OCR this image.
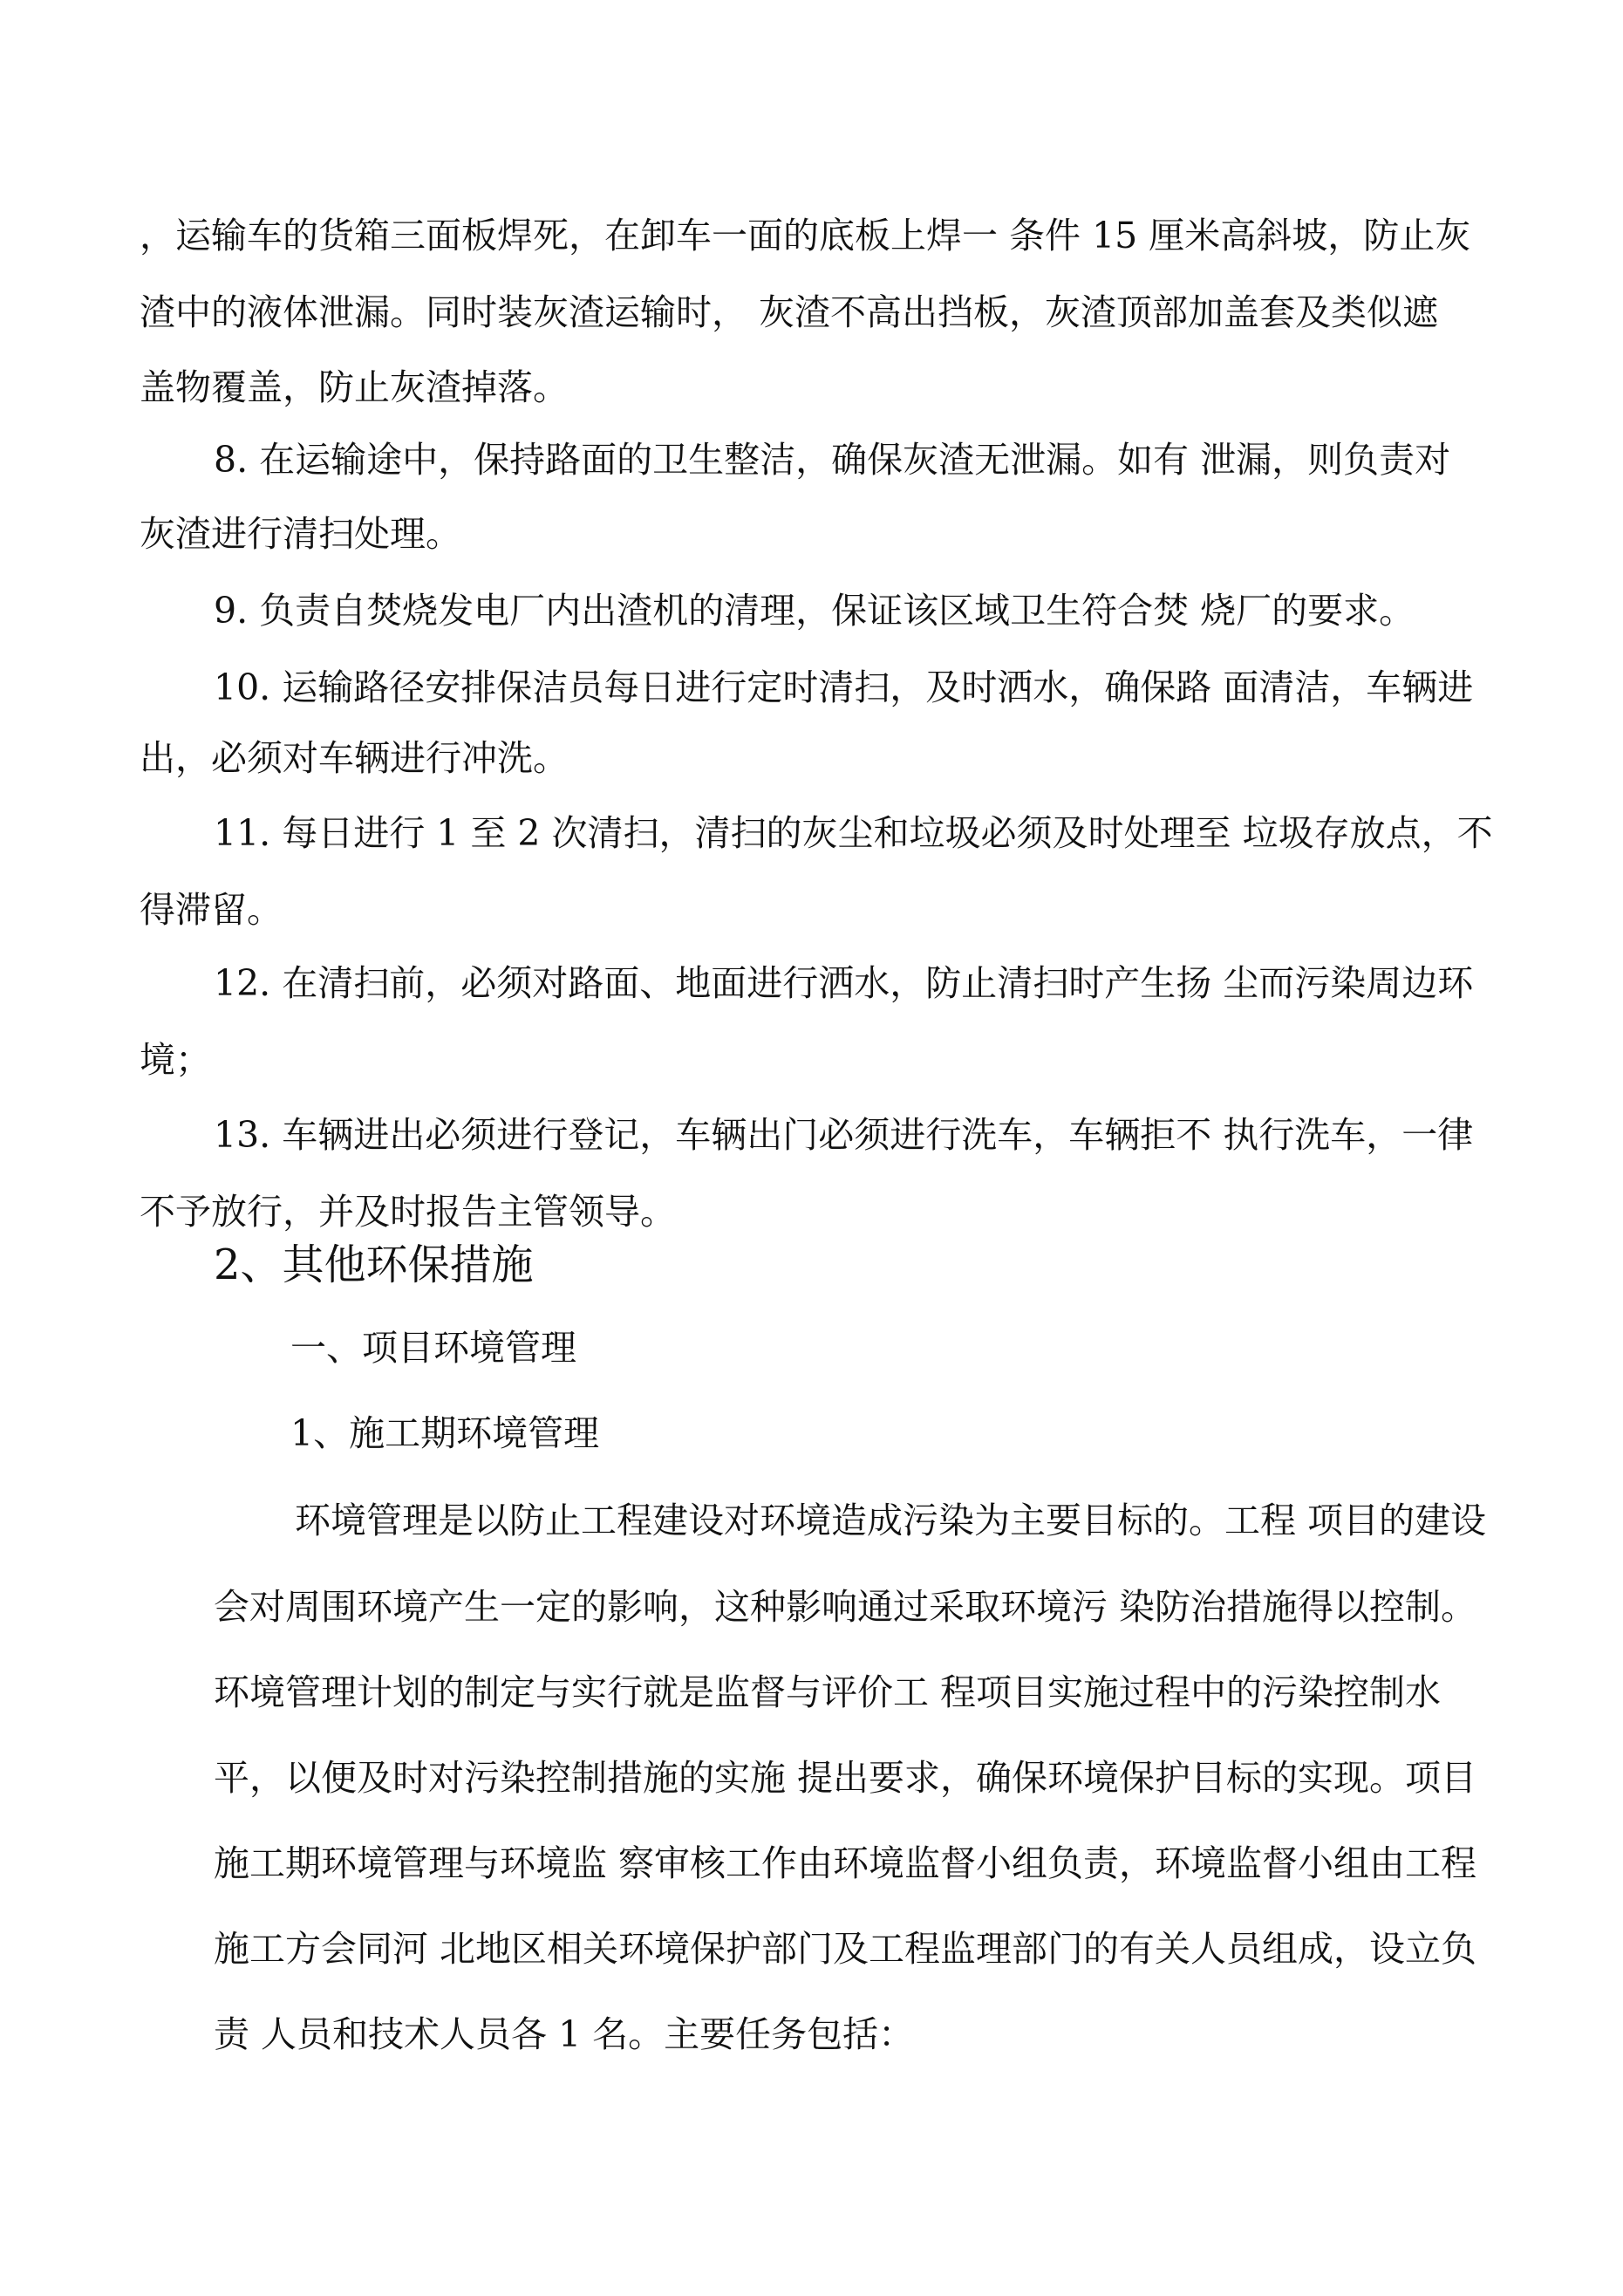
，运输车的货箱三面板焊死，在卸车一面的底板上焊一 条件 15 厘米高斜坡，防止灰
渣中的液体泄漏。同时装灰渣运输时， 灰渣不高出挡板，灰渣顶部加盖套及类似遮
盖物覆盖，防止灰渣掉落。
8. 在运输途中，保持路面的卫生整洁，确保灰渣无泄漏。如有 泄漏，则负责对
灰渣进行清扫处理。
9. 负责自焚烧发电厂内出渣机的清理，保证该区域卫生符合焚 烧厂的要求。
10. 运输路径安排保洁员每日进行定时清扫，及时洒水，确保路 面清洁，车辆进
出，必须对车辆进行冲洗。
11. 每日进行 1 至 2 次清扫，清扫的灰尘和垃圾必须及时处理至 垃圾存放点，不
得滞留。
12. 在清扫前，必须对路面、地面进行洒水，防止清扫时产生扬 尘而污染周边环
境；
13. 车辆进出必须进行登记，车辆出门必须进行洗车，车辆拒不 执行洗车，一律
不予放行，并及时报告主管领导。
2、其他环保措施
一、项目环境管理
1、施工期环境管理
环境管理是以防止工程建设对环境造成污染为主要目标的。工程 项目的建设
会对周围环境产生一定的影响，这种影响通过采取环境污 染防治措施得以控制。
环境管理计划的制定与实行就是监督与评价工 程项目实施过程中的污染控制水
平，以便及时对污染控制措施的实施 提出要求，确保环境保护目标的实现。项目
施工期环境管理与环境监 察审核工作由环境监督小组负责，环境监督小组由工程
施工方会同河 北地区相关环境保护部门及工程监理部门的有关人员组成，设立负
责 人员和技术人员各 1 名。主要任务包括：
